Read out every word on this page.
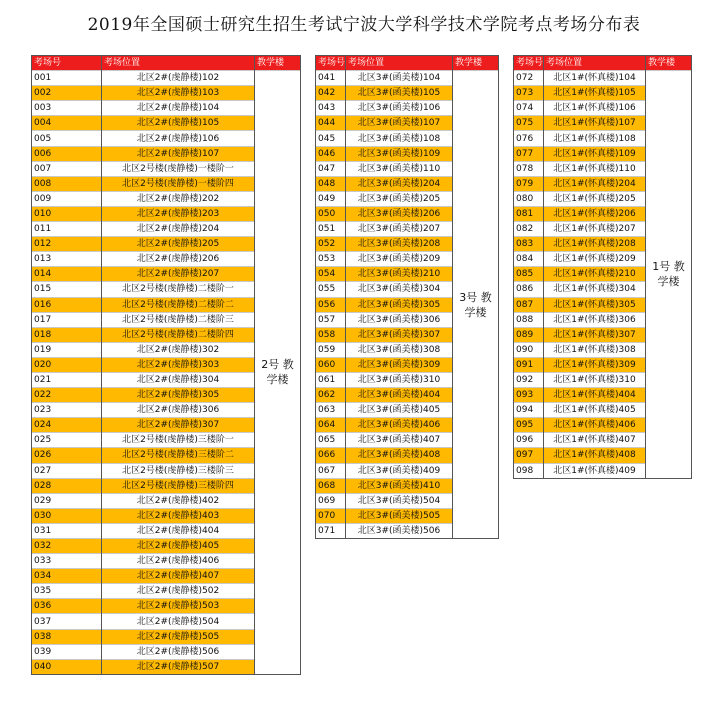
2019年全国硕士研究生招生考试宁波大学科学技术学院考点考场分布表
考场号	考场位置	教学楼
001	北区2#(虔静楼)102	2号 教学楼
002	北区2#(虔静楼)103	
003	北区2#(虔静楼)104	
004	北区2#(虔静楼)105	
005	北区2#(虔静楼)106	
006	北区2#(虔静楼)107	
007	北区2号楼(虔静楼)一楼阶一	
008	北区2号楼(虔静楼)一楼阶四	
009	北区2#(虔静楼)202	
010	北区2#(虔静楼)203	
011	北区2#(虔静楼)204	
012	北区2#(虔静楼)205	
013	北区2#(虔静楼)206	
014	北区2#(虔静楼)207	
015	北区2号楼(虔静楼)二楼阶一	
016	北区2号楼(虔静楼)二楼阶二	
017	北区2号楼(虔静楼)二楼阶三	
018	北区2号楼(虔静楼)二楼阶四	
019	北区2#(虔静楼)302	
020	北区2#(虔静楼)303	
021	北区2#(虔静楼)304	
022	北区2#(虔静楼)305	
023	北区2#(虔静楼)306	
024	北区2#(虔静楼)307	
025	北区2号楼(虔静楼)三楼阶一	
026	北区2号楼(虔静楼)三楼阶二	
027	北区2号楼(虔静楼)三楼阶三	
028	北区2号楼(虔静楼)三楼阶四	
029	北区2#(虔静楼)402	
030	北区2#(虔静楼)403	
031	北区2#(虔静楼)404	
032	北区2#(虔静楼)405	
033	北区2#(虔静楼)406	
034	北区2#(虔静楼)407	
035	北区2#(虔静楼)502	
036	北区2#(虔静楼)503	
037	北区2#(虔静楼)504	
038	北区2#(虔静楼)505	
039	北区2#(虔静楼)506	
040	北区2#(虔静楼)507	
考场号	考场位置	教学楼
041	北区3#(函美楼)104	3号 教学楼
042	北区3#(函美楼)105	
043	北区3#(函美楼)106	
044	北区3#(函美楼)107	
045	北区3#(函美楼)108	
046	北区3#(函美楼)109	
047	北区3#(函美楼)110	
048	北区3#(函美楼)204	
049	北区3#(函美楼)205	
050	北区3#(函美楼)206	
051	北区3#(函美楼)207	
052	北区3#(函美楼)208	
053	北区3#(函美楼)209	
054	北区3#(函美楼)210	
055	北区3#(函美楼)304	
056	北区3#(函美楼)305	
057	北区3#(函美楼)306	
058	北区3#(函美楼)307	
059	北区3#(函美楼)308	
060	北区3#(函美楼)309	
061	北区3#(函美楼)310	
062	北区3#(函美楼)404	
063	北区3#(函美楼)405	
064	北区3#(函美楼)406	
065	北区3#(函美楼)407	
066	北区3#(函美楼)408	
067	北区3#(函美楼)409	
068	北区3#(函美楼)410	
069	北区3#(函美楼)504	
070	北区3#(函美楼)505	
071	北区3#(函美楼)506	
考场号	考场位置	教学楼
072	北区1#(怀真楼)104	1号 教学楼
073	北区1#(怀真楼)105	
074	北区1#(怀真楼)106	
075	北区1#(怀真楼)107	
076	北区1#(怀真楼)108	
077	北区1#(怀真楼)109	
078	北区1#(怀真楼)110	
079	北区1#(怀真楼)204	
080	北区1#(怀真楼)205	
081	北区1#(怀真楼)206	
082	北区1#(怀真楼)207	
083	北区1#(怀真楼)208	
084	北区1#(怀真楼)209	
085	北区1#(怀真楼)210	
086	北区1#(怀真楼)304	
087	北区1#(怀真楼)305	
088	北区1#(怀真楼)306	
089	北区1#(怀真楼)307	
090	北区1#(怀真楼)308	
091	北区1#(怀真楼)309	
092	北区1#(怀真楼)310	
093	北区1#(怀真楼)404	
094	北区1#(怀真楼)405	
095	北区1#(怀真楼)406	
096	北区1#(怀真楼)407	
097	北区1#(怀真楼)408	
098	北区1#(怀真楼)409	
